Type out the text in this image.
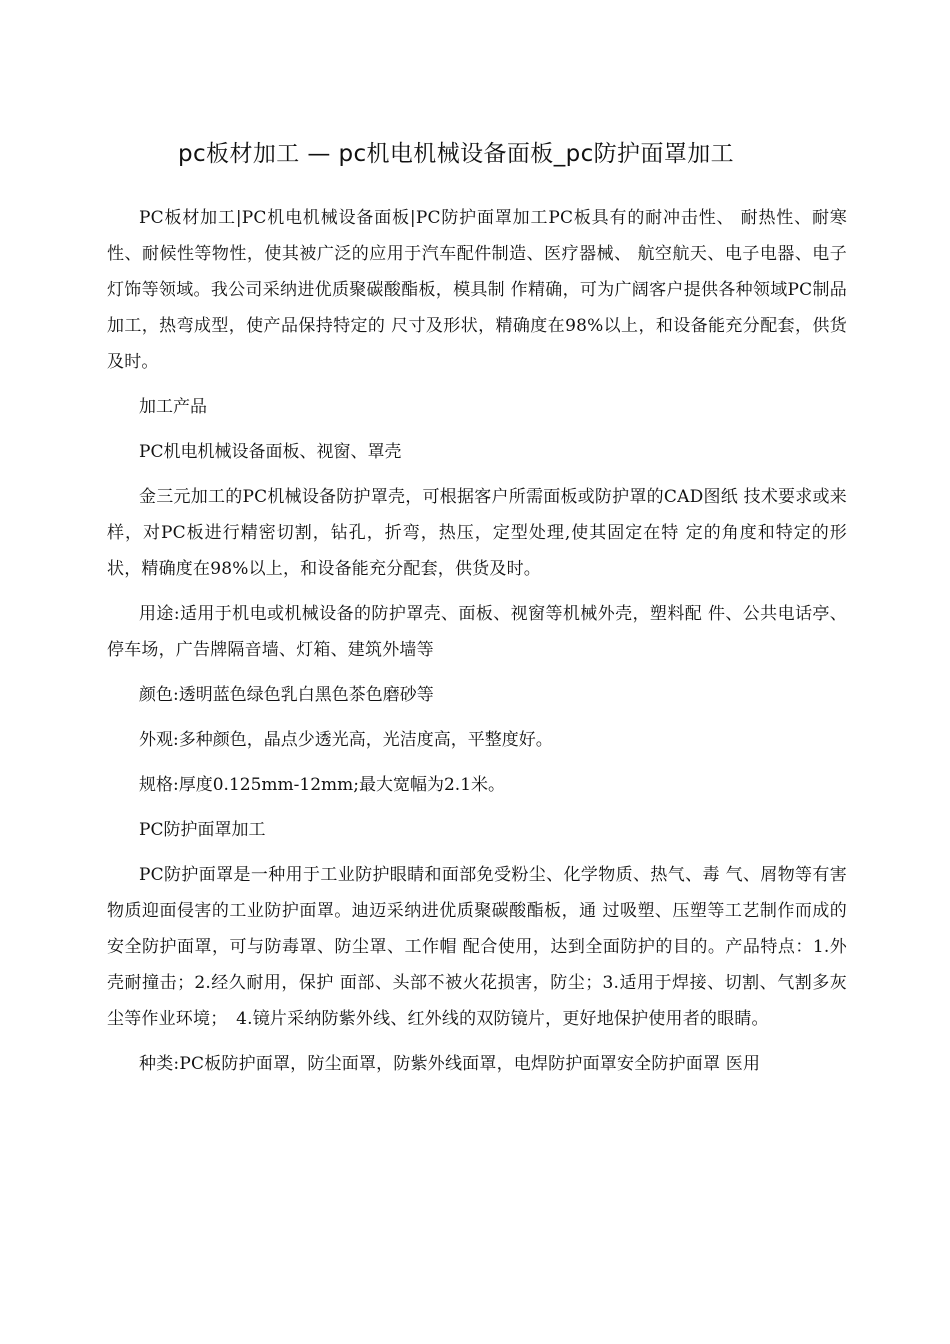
pc板材加工 — pc机电机械设备面板_pc防护面罩加工

PC板材加工|PC机电机械设备面板|PC防护面罩加工PC板具有的耐冲击性、 耐热性、耐寒性、耐候性等物性，使其被广泛的应用于汽车配件制造、医疗器械、 航空航天、电子电器、电子灯饰等领域。我公司采纳进优质聚碳酸酯板，模具制 作精确，可为广阔客户提供各种领域PC制品加工，热弯成型，使产品保持特定的 尺寸及形状，精确度在98%以上，和设备能充分配套，供货及时。

加工产品

PC机电机械设备面板、视窗、罩壳

金三元加工的PC机械设备防护罩壳，可根据客户所需面板或防护罩的CAD图纸 技术要求或来样，对PC板进行精密切割，钻孔，折弯，热压，定型处理,使其固定在特 定的角度和特定的形状，精确度在98%以上，和设备能充分配套，供货及时。

用途:适用于机电或机械设备的防护罩壳、面板、视窗等机械外壳，塑料配 件、公共电话亭、停车场，广告牌隔音墙、灯箱、建筑外墙等

颜色:透明蓝色绿色乳白黑色茶色磨砂等

外观:多种颜色，晶点少透光高，光洁度高，平整度好。

规格:厚度0.125mm-12mm;最大宽幅为2.1米。

PC防护面罩加工

PC防护面罩是一种用于工业防护眼睛和面部免受粉尘、化学物质、热气、毒 气、屑物等有害物质迎面侵害的工业防护面罩。迪迈采纳进优质聚碳酸酯板，通 过吸塑、压塑等工艺制作而成的安全防护面罩，可与防毒罩、防尘罩、工作帽 配合使用，达到全面防护的目的。产品特点：1.外壳耐撞击；2.经久耐用，保护 面部、头部不被火花损害，防尘；3.适用于焊接、切割、气割多灰尘等作业环境；　4.镜片采纳防紫外线、红外线的双防镜片，更好地保护使用者的眼睛。

种类:PC板防护面罩，防尘面罩，防紫外线面罩，电焊防护面罩安全防护面罩 医用
